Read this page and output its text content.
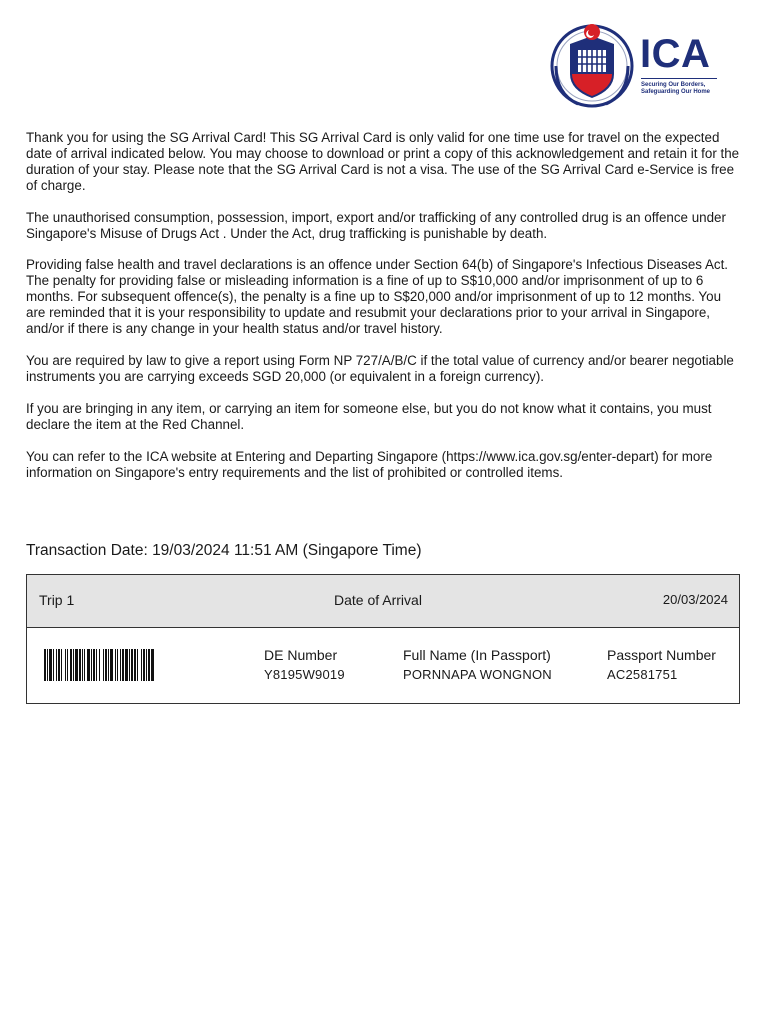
ICA
Securing Our Borders, Safeguarding Our Home

Thank you for using the SG Arrival Card! This SG Arrival Card is only valid for one time use for travel on the expected date of arrival indicated below. You may choose to download or print a copy of this acknowledgement and retain it for the duration of your stay. Please note that the SG Arrival Card is not a visa. The use of the SG Arrival Card e-Service is free of charge.

The unauthorised consumption, possession, import, export and/or trafficking of any controlled drug is an offence under Singapore's Misuse of Drugs Act . Under the Act, drug trafficking is punishable by death.

Providing false health and travel declarations is an offence under Section 64(b) of Singapore's Infectious Diseases Act. The penalty for providing false or misleading information is a fine of up to S$10,000 and/or imprisonment of up to 6 months. For subsequent offence(s), the penalty is a fine up to S$20,000 and/or imprisonment of up to 12 months. You are reminded that it is your responsibility to update and resubmit your declarations prior to your arrival in Singapore, and/or if there is any change in your health status and/or travel history.

You are required by law to give a report using Form NP 727/A/B/C if the total value of currency and/or bearer negotiable instruments you are carrying exceeds SGD 20,000 (or equivalent in a foreign currency).

If you are bringing in any item, or carrying an item for someone else, but you do not know what it contains, you must declare the item at the Red Channel.

You can refer to the ICA website at Entering and Departing Singapore (https://www.ica.gov.sg/enter-depart) for more information on Singapore's entry requirements and the list of prohibited or controlled items.

Transaction Date: 19/03/2024 11:51 AM (Singapore Time)
Trip 1	Date of Arrival	20/03/2024
DE Number
Y8195W9019
Full Name (In Passport)
PORNNAPA WONGNON
Passport Number
AC2581751
